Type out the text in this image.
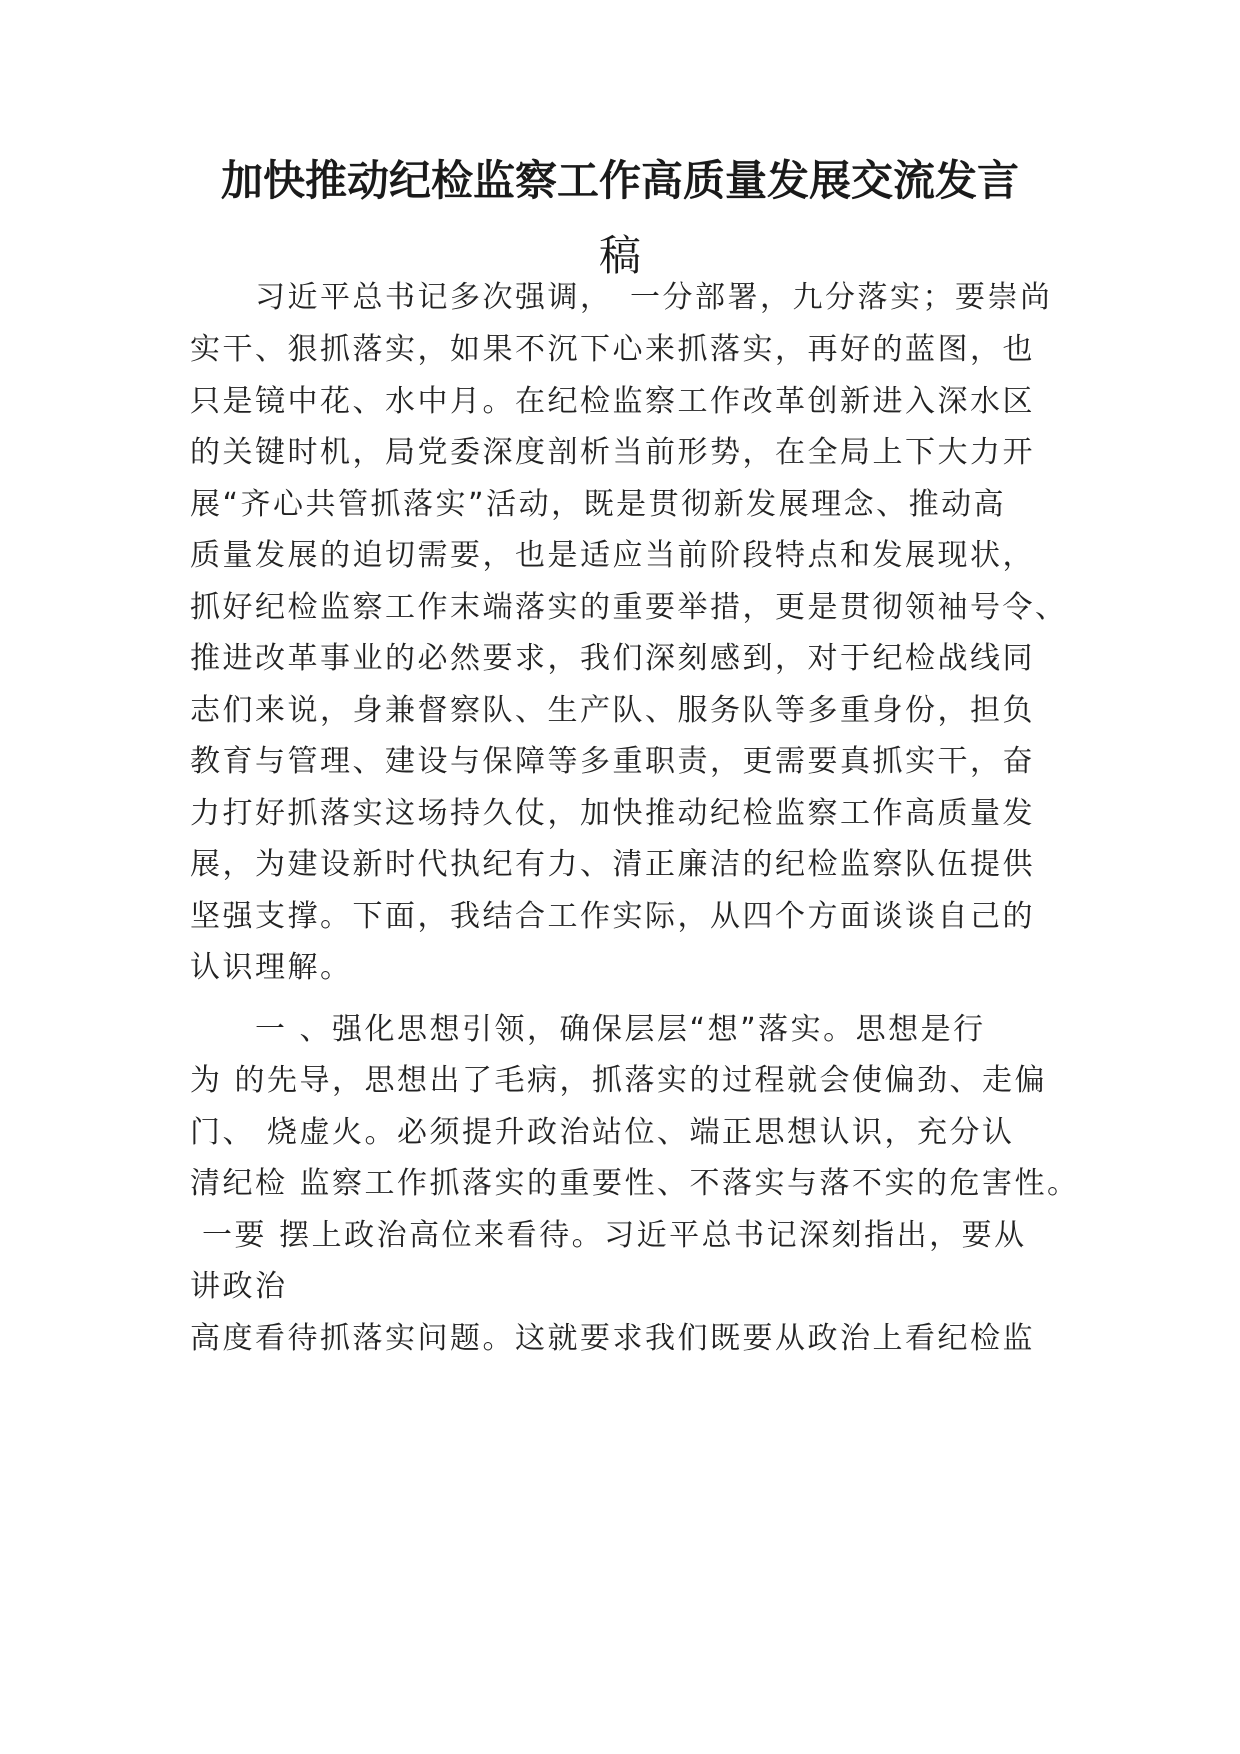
加快推动纪检监察工作高质量发展交流发言
稿
　　习近平总书记多次强调，　一分部署，九分落实；要崇尚
实干、狠抓落实，如果不沉下心来抓落实，再好的蓝图，也
只是镜中花、水中月。在纪检监察工作改革创新进入深水区
的关键时机，局党委深度剖析当前形势，在全局上下大力开
展“齐心共管抓落实”活动，既是贯彻新发展理念、推动高
质量发展的迫切需要，也是适应当前阶段特点和发展现状，
抓好纪检监察工作末端落实的重要举措，更是贯彻领袖号令、
推进改革事业的必然要求，我们深刻感到，对于纪检战线同
志们来说，身兼督察队、生产队、服务队等多重身份，担负
教育与管理、建设与保障等多重职责，更需要真抓实干，奋
力打好抓落实这场持久仗，加快推动纪检监察工作高质量发
展，为建设新时代执纪有力、清正廉洁的纪检监察队伍提供
坚强支撑。下面，我结合工作实际，从四个方面谈谈自己的
认识理解。
　　一 、强化思想引领，确保层层“想”落实。思想是行
为 的先导，思想出了毛病，抓落实的过程就会使偏劲、走偏
门、 烧虚火。必须提升政治站位、端正思想认识，充分认
清纪检 监察工作抓落实的重要性、不落实与落不实的危害性。
一要 摆上政治高位来看待。习近平总书记深刻指出，要从
讲政治
高度看待抓落实问题。这就要求我们既要从政治上看纪检监
